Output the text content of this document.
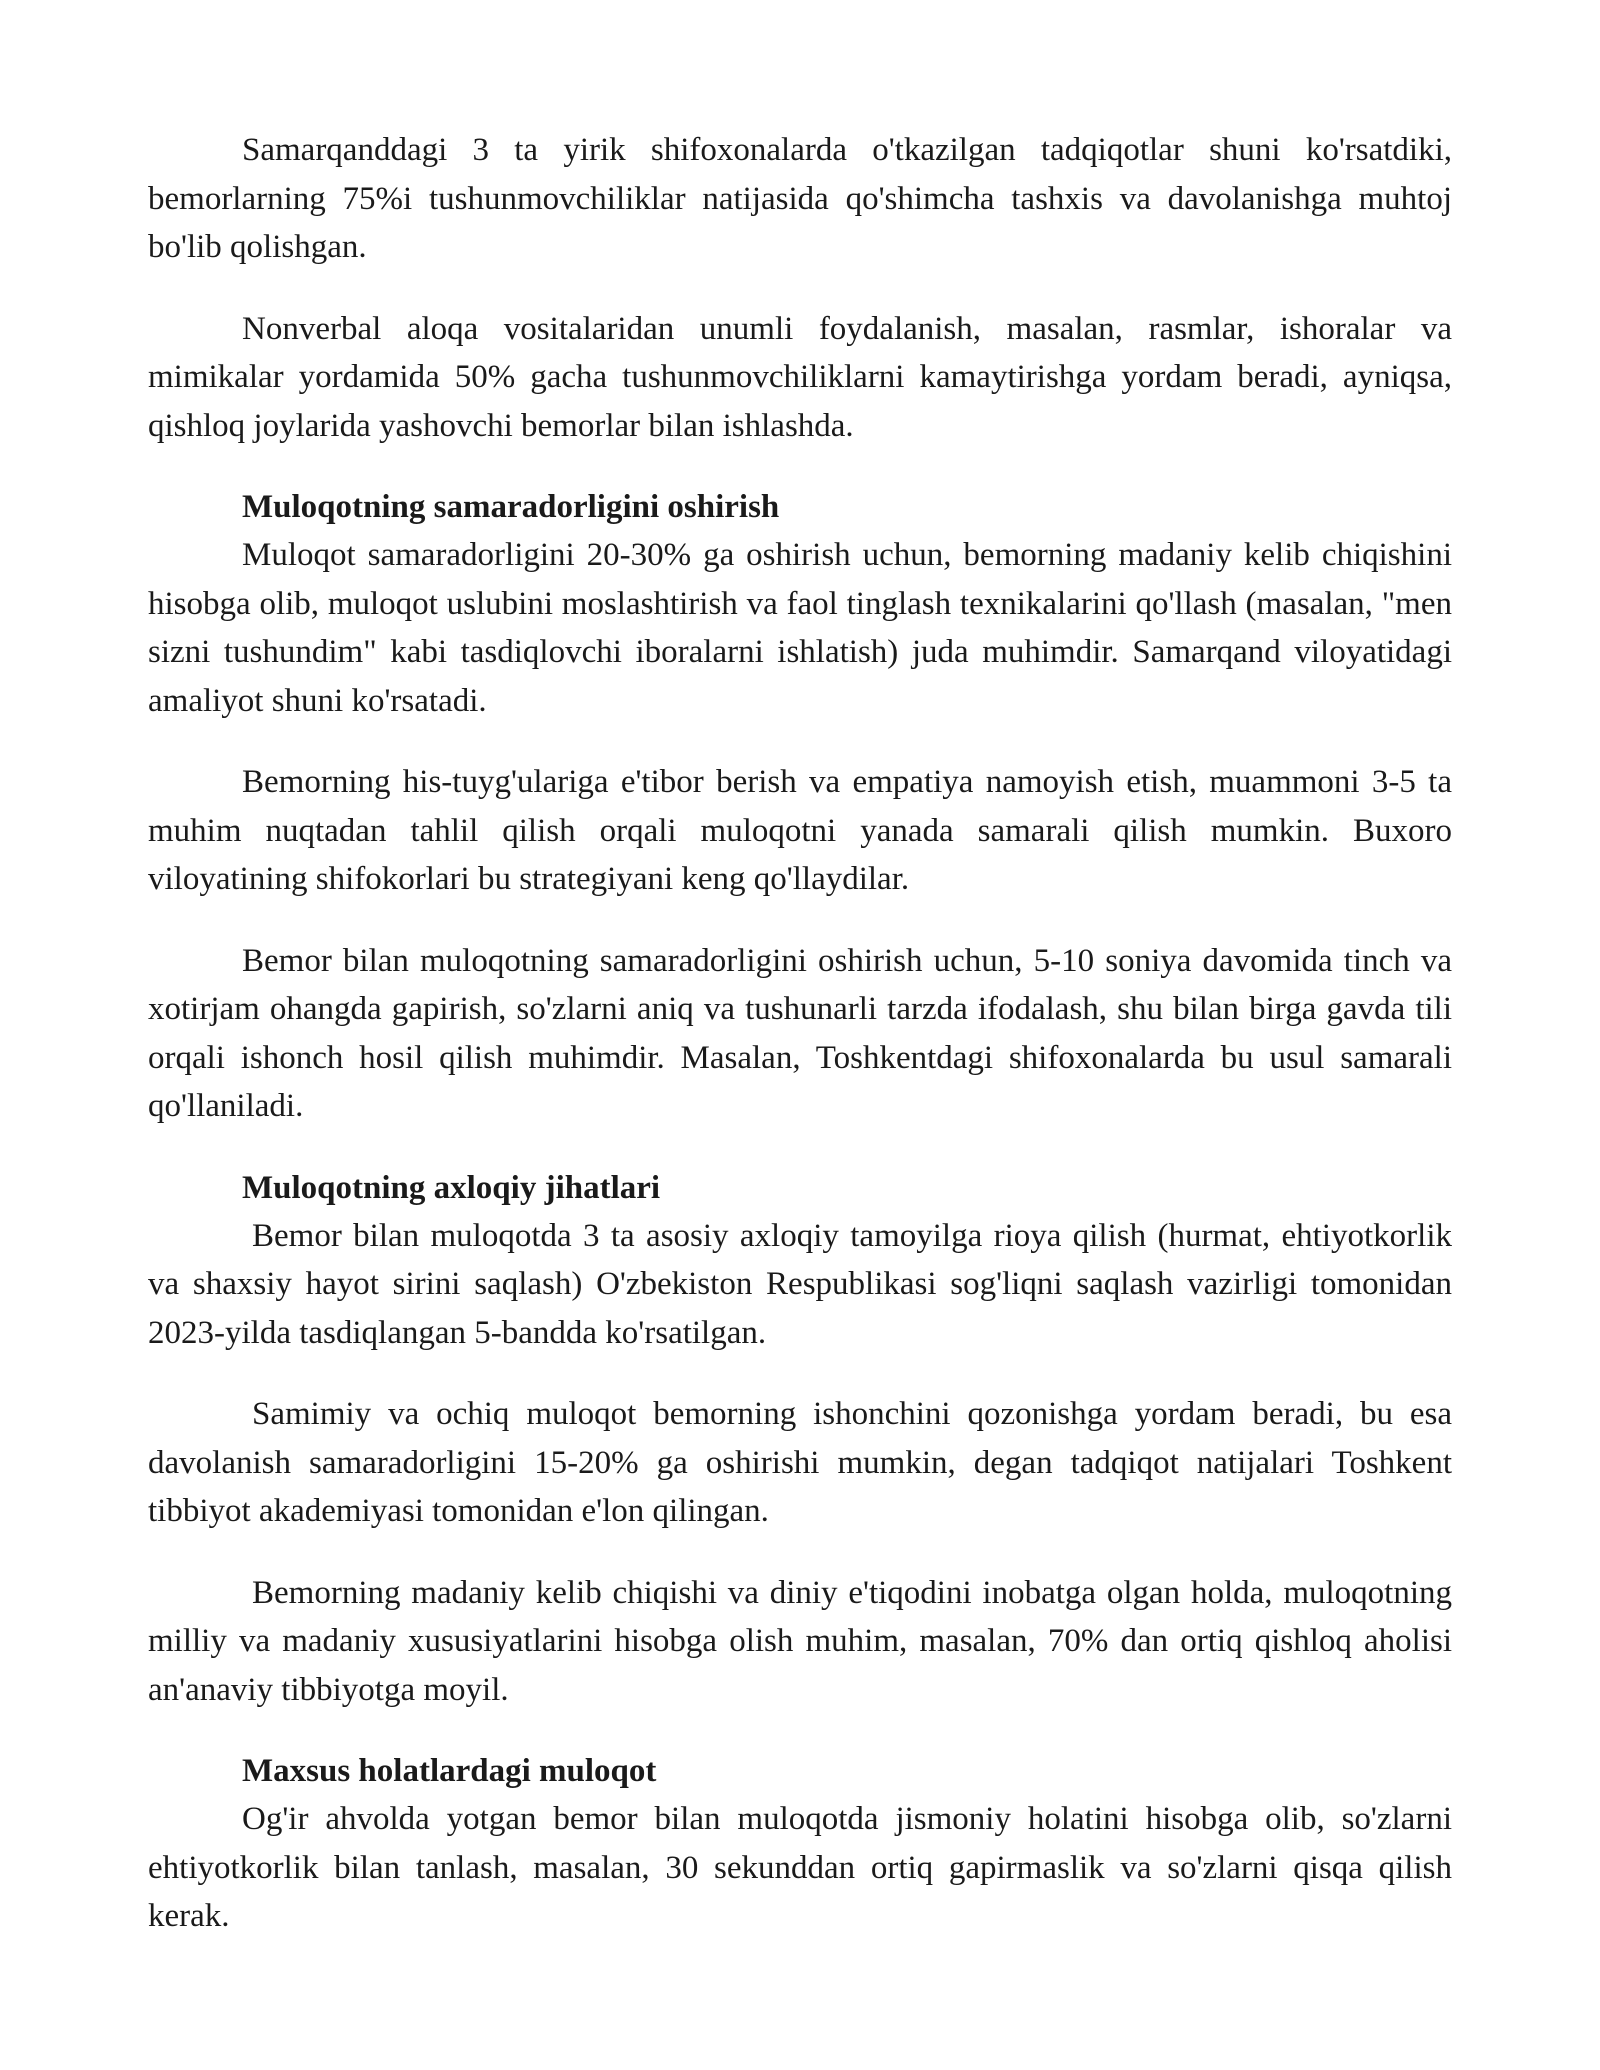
Samarqanddagi 3 ta yirik shifoxonalarda o'tkazilgan tadqiqotlar shuni ko'rsatdiki, bemorlarning 75%i tushunmovchiliklar natijasida qo'shimcha tashxis va davolanishga muhtoj bo'lib qolishgan.

Nonverbal aloqa vositalaridan unumli foydalanish, masalan, rasmlar, ishoralar va mimikalar yordamida 50% gacha tushunmovchiliklarni kamaytirishga yordam beradi, ayniqsa, qishloq joylarida yashovchi bemorlar bilan ishlashda.

Muloqotning samaradorligini oshirish

Muloqot samaradorligini 20-30% ga oshirish uchun, bemorning madaniy kelib chiqishini hisobga olib, muloqot uslubini moslashtirish va faol tinglash texnikalarini qo'llash (masalan, "men sizni tushundim" kabi tasdiqlovchi iboralarni ishlatish) juda muhimdir. Samarqand viloyatidagi amaliyot shuni ko'rsatadi.

Bemorning his-tuyg'ulariga e'tibor berish va empatiya namoyish etish, muammoni 3-5 ta muhim nuqtadan tahlil qilish orqali muloqotni yanada samarali qilish mumkin. Buxoro viloyatining shifokorlari bu strategiyani keng qo'llaydilar.

Bemor bilan muloqotning samaradorligini oshirish uchun, 5-10 soniya davomida tinch va xotirjam ohangda gapirish, so'zlarni aniq va tushunarli tarzda ifodalash, shu bilan birga gavda tili orqali ishonch hosil qilish muhimdir. Masalan, Toshkentdagi shifoxonalarda bu usul samarali qo'llaniladi.

Muloqotning axloqiy jihatlari

Bemor bilan muloqotda 3 ta asosiy axloqiy tamoyilga rioya qilish (hurmat, ehtiyotkorlik va shaxsiy hayot sirini saqlash) O'zbekiston Respublikasi sog'liqni saqlash vazirligi tomonidan 2023-yilda tasdiqlangan 5-bandda ko'rsatilgan.

Samimiy va ochiq muloqot bemorning ishonchini qozonishga yordam beradi, bu esa davolanish samaradorligini 15-20% ga oshirishi mumkin, degan tadqiqot natijalari Toshkent tibbiyot akademiyasi tomonidan e'lon qilingan.

Bemorning madaniy kelib chiqishi va diniy e'tiqodini inobatga olgan holda, muloqotning milliy va madaniy xususiyatlarini hisobga olish muhim, masalan, 70% dan ortiq qishloq aholisi an'anaviy tibbiyotga moyil.

Maxsus holatlardagi muloqot

Og'ir ahvolda yotgan bemor bilan muloqotda jismoniy holatini hisobga olib, so'zlarni ehtiyotkorlik bilan tanlash, masalan, 30 sekunddan ortiq gapirmaslik va so'zlarni qisqa qilish kerak.
